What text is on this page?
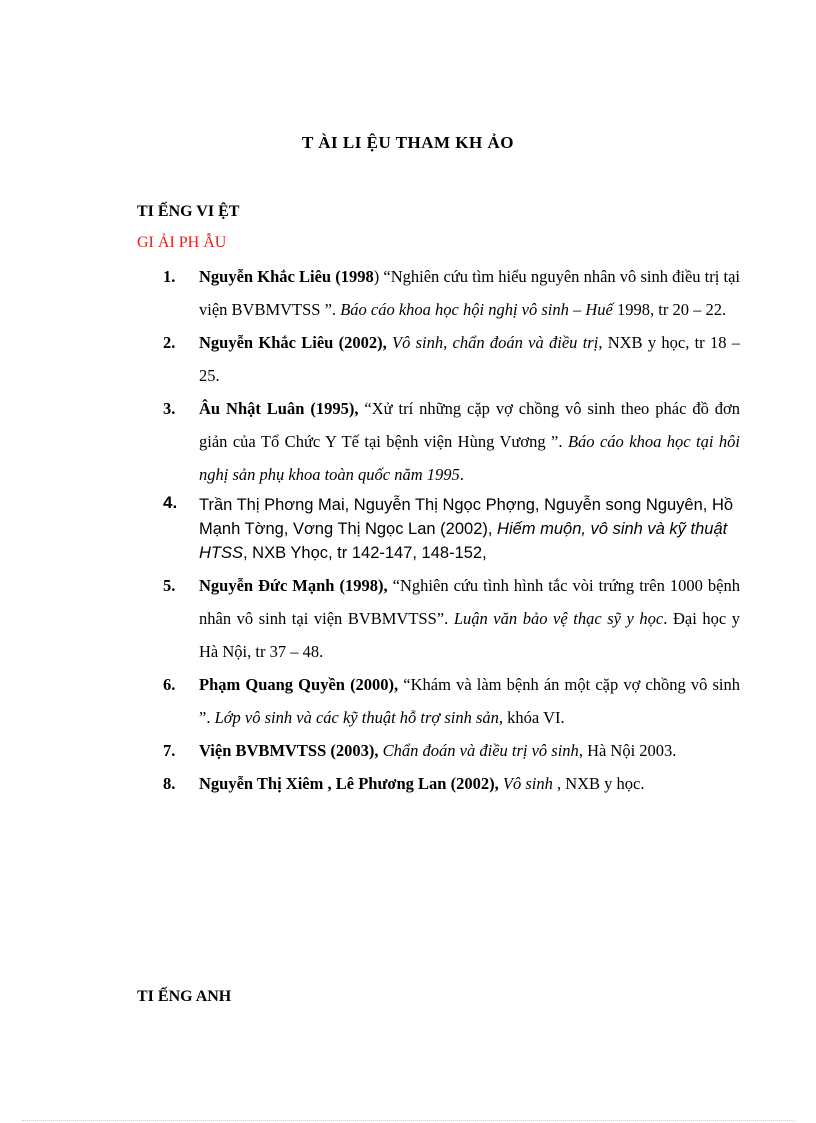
T ÀI LI ỆU THAM KH ẢO
TI ẾNG VI ỆT
GI ẢI PH ẪU
1. Nguyễn Khắc Liêu (1998) “Nghiên cứu tìm hiểu nguyên nhân vô sinh điều trị tại viện BVBMVTSS ”. Báo cáo khoa học hội nghị vô sinh – Huế 1998, tr 20 – 22.
2. Nguyễn Khắc Liêu (2002), Vô sinh, chẩn đoán và điều trị, NXB y học, tr 18 – 25.
3. Âu Nhật Luân (1995), “Xử trí những cặp vợ chồng vô sinh theo phác đồ đơn giản của Tổ Chức Y Tế tại bệnh viện Hùng Vương ”. Báo cáo khoa học tại hôi nghị sản phụ khoa toàn quốc năm 1995.
4. Trần Thị Phơng Mai, Nguyễn Thị Ngọc Phợng, Nguyễn song Nguyên, Hồ Mạnh Tờng, Vơng Thị Ngọc Lan (2002), Hiếm muộn, vô sinh và kỹ thuật HTSS, NXB Yhọc, tr 142-147, 148-152,
5. Nguyễn Đức Mạnh (1998), “Nghiên cứu tình hình tắc vòi trứng trên 1000 bệnh nhân vô sinh tại viện BVBMVTSS”. Luận văn bảo vệ thạc sỹ y học. Đại học y Hà Nội, tr 37 – 48.
6. Phạm Quang Quyền (2000), “Khám và làm bệnh án một cặp vợ chồng vô sinh ”. Lớp vô sinh và các kỹ thuật hỗ trợ sinh sản, khóa VI.
7. Viện BVBMVTSS (2003), Chẩn đoán và điều trị vô sinh, Hà Nội 2003.
8. Nguyễn Thị Xiêm , Lê Phương Lan (2002), Vô sinh , NXB y học.
TI ẾNG ANH
